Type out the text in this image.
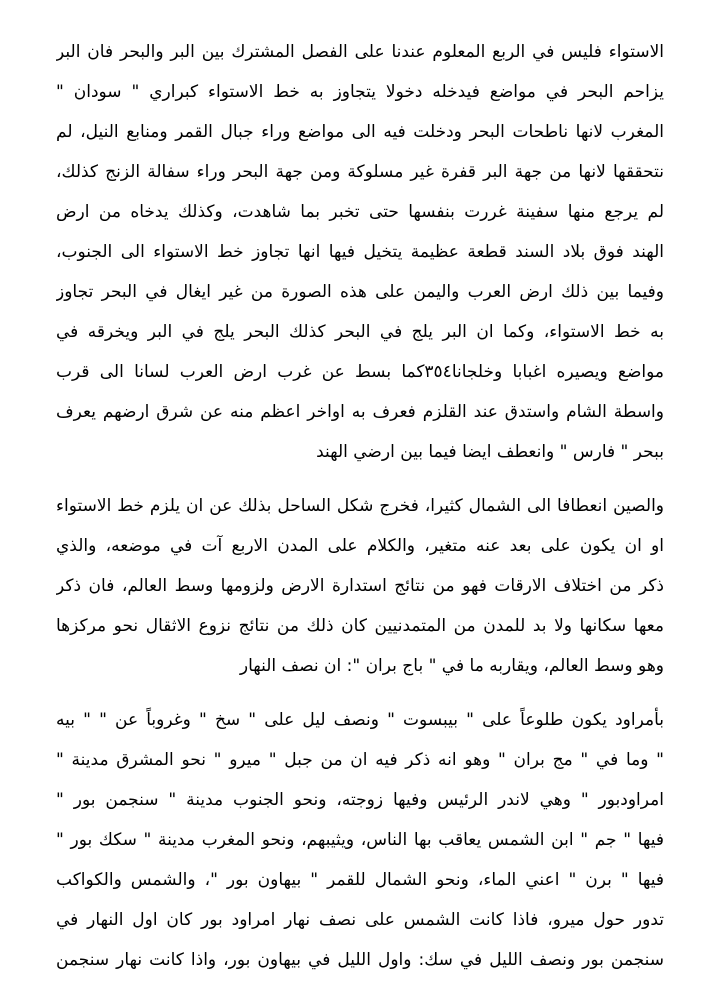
الاستواء فليس في الربع المعلوم عندنا على الفصل المشترك بين البر والبحر فان البر
يزاحم البحر في مواضع فيدخله دخولا يتجاوز به خط الاستواء كبراري " سودان "
المغرب لانها ناطحات البحر ودخلت فيه الى مواضع وراء جبال القمر ومنابع النيل، لم
نتحققها لانها من جهة البر قفرة غير مسلوكة ومن جهة البحر وراء سفالة الزنج كذلك،
لم يرجع منها سفينة غررت بنفسها حتى تخبر بما شاهدت، وكذلك يدخاه من ارض
الهند فوق بلاد السند قطعة عظيمة يتخيل فيها انها تجاوز خط الاستواء الى الجنوب،
وفيما بين ذلك ارض العرب واليمن على هذه الصورة من غير ايغال في البحر تجاوز
به خط الاستواء، وكما ان البر يلج في البحر كذلك البحر يلج في البر ويخرقه في
مواضع ويصيره اغبابا وخلجانا٣٥٤كما بسط عن غرب ارض العرب لسانا الى قرب
واسطة الشام واستدق عند القلزم فعرف به اواخر اعظم منه عن شرق ارضهم يعرف
ببحر " فارس " وانعطف ايضا فيما بين ارضي الهند

والصين انعطافا الى الشمال كثيرا، فخرج شكل الساحل بذلك عن ان يلزم خط الاستواء
او ان يكون على بعد عنه متغير، والكلام على المدن الاربع آت في موضعه، والذي
ذكر من اختلاف الارقات فهو من نتائج استدارة الارض ولزومها وسط العالم، فان ذكر
معها سكانها ولا بد للمدن من المتمدنيين كان ذلك من نتائج نزوع الاثقال نحو مركزها
وهو وسط العالم، ويقاربه ما في " باج بران ": ان نصف النهار

بأمراود يكون طلوعاً على " بيبسوت " ونصف ليل على " سخ " وغروباً عن " " بيه
" وما في " مج بران " وهو انه ذكر فيه ان من جبل " ميرو " نحو المشرق مدينة "
امراودبور " وهي لاندر الرئيس وفيها زوجته، ونحو الجنوب مدينة " سنجمن بور "
فيها " جم " ابن الشمس يعاقب بها الناس، ويثيبهم، ونحو المغرب مدينة " سكك بور "
فيها " برن " اعني الماء، ونحو الشمال للقمر " بيهاون بور "، والشمس والكواكب
تدور حول ميرو، فاذا كانت الشمس على نصف نهار امراود بور كان اول النهار في
سنجمن بور ونصف الليل في سك: واول الليل في بيهاون بور، واذا كانت نهار سنجمن
